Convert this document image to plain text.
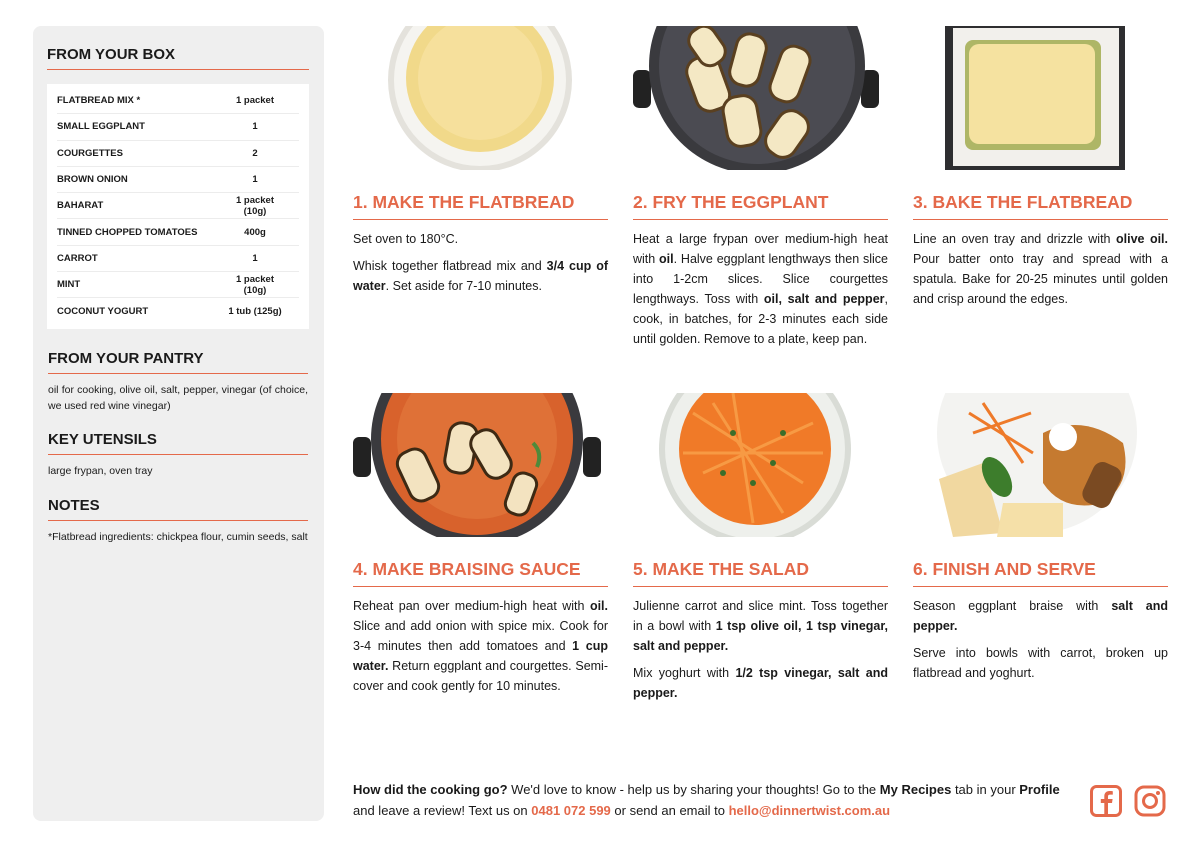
FROM YOUR BOX
FLATBREAD MIX *	1 packet
SMALL EGGPLANT	1
COURGETTES	2
BROWN ONION	1
BAHARAT	1 packet (10g)
TINNED CHOPPED TOMATOES	400g
CARROT	1
MINT	1 packet (10g)
COCONUT YOGURT	1 tub (125g)
FROM YOUR PANTRY
oil for cooking, olive oil, salt, pepper, vinegar (of choice, we used red wine vinegar)
KEY UTENSILS
large frypan, oven tray
NOTES
*Flatbread ingredients: chickpea flour, cumin seeds, salt
1. MAKE THE FLATBREAD

Set oven to 180°C.

Whisk together flatbread mix and 3/4 cup of water. Set aside for 7-10 minutes.

2. FRY THE EGGPLANT

Heat a large frypan over medium-high heat with oil. Halve eggplant lengthways then slice into 1-2cm slices. Slice courgettes lengthways. Toss with oil, salt and pepper, cook, in batches, for 2-3 minutes each side until golden. Remove to a plate, keep pan.

3. BAKE THE FLATBREAD

Line an oven tray and drizzle with olive oil. Pour batter onto tray and spread with a spatula. Bake for 20-25 minutes until golden and crisp around the edges.

4. MAKE BRAISING SAUCE

Reheat pan over medium-high heat with oil. Slice and add onion with spice mix. Cook for 3-4 minutes then add tomatoes and 1 cup water. Return eggplant and courgettes. Semi-cover and cook gently for 10 minutes.

5. MAKE THE SALAD

Julienne carrot and slice mint. Toss together in a bowl with 1 tsp olive oil, 1 tsp vinegar, salt and pepper.

Mix yoghurt with 1/2 tsp vinegar, salt and pepper.

6. FINISH AND SERVE

Season eggplant braise with salt and pepper.

Serve into bowls with carrot, broken up flatbread and yoghurt.

How did the cooking go? We'd love to know - help us by sharing your thoughts! Go to the My Recipes tab in your Profile and leave a review! Text us on 0481 072 599 or send an email to hello@dinnertwist.com.au
